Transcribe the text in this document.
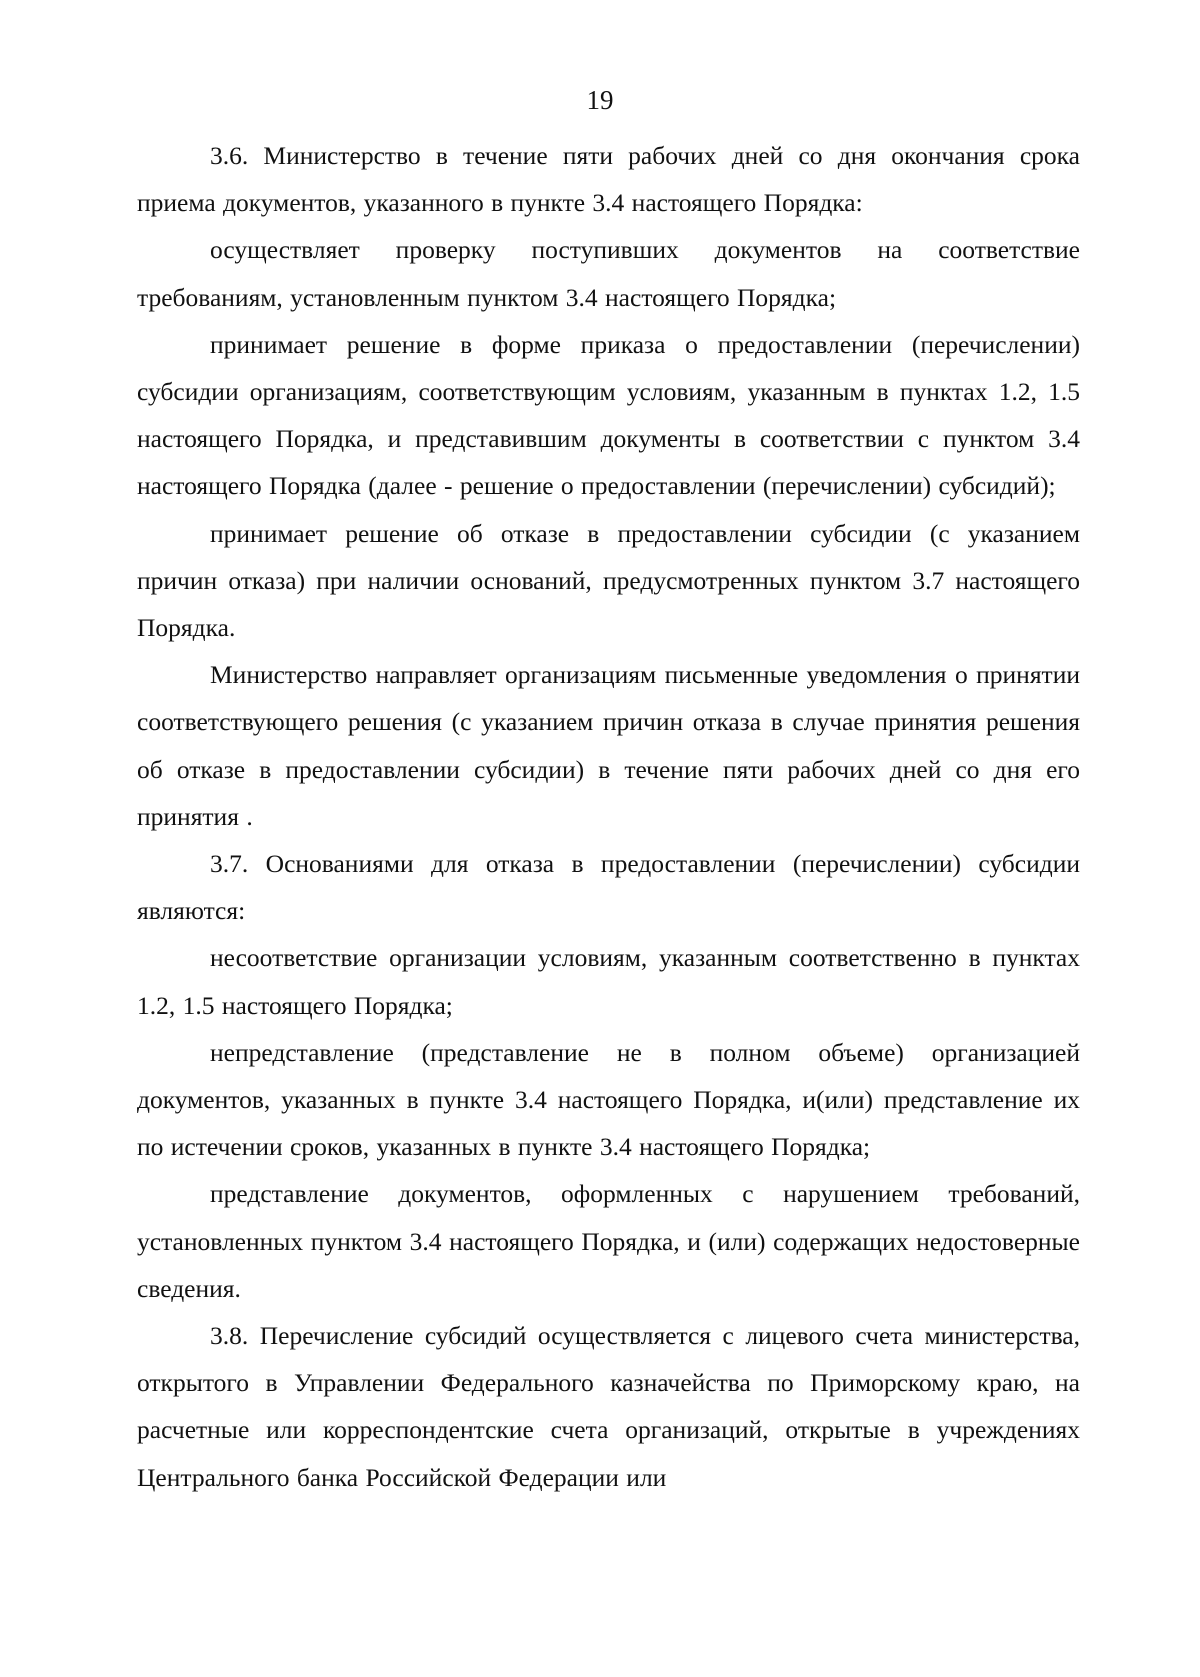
19

3.6. Министерство в течение пяти рабочих дней со дня окончания срока приема документов, указанного в пункте 3.4 настоящего Порядка:

осуществляет проверку поступивших документов на соответствие требованиям, установленным пунктом 3.4 настоящего Порядка;

принимает решение в форме приказа о предоставлении (перечислении) субсидии организациям, соответствующим условиям, указанным в пунктах 1.2, 1.5 настоящего Порядка, и представившим документы в соответствии с пунктом 3.4 настоящего Порядка (далее - решение о предоставлении (перечислении) субсидий);

принимает решение об отказе в предоставлении субсидии (с указанием причин отказа) при наличии оснований, предусмотренных пунктом 3.7 настоящего Порядка.

Министерство направляет организациям письменные уведомления о принятии соответствующего решения (с указанием причин отказа в случае принятия решения об отказе в предоставлении субсидии) в течение пяти рабочих дней со дня его принятия .

3.7. Основаниями для отказа в предоставлении (перечислении) субсидии являются:

несоответствие организации условиям, указанным соответственно в пунктах 1.2, 1.5 настоящего Порядка;

непредставление (представление не в полном объеме) организацией документов, указанных в пункте 3.4 настоящего Порядка, и(или) представление их по истечении сроков, указанных в пункте 3.4 настоящего Порядка;

представление документов, оформленных с нарушением требований, установленных пунктом 3.4 настоящего Порядка, и (или) содержащих недостоверные сведения.

3.8. Перечисление субсидий осуществляется с лицевого счета министерства, открытого в Управлении Федерального казначейства по Приморскому краю, на расчетные или корреспондентские счета организаций, открытые в учреждениях Центрального банка Российской Федерации или
